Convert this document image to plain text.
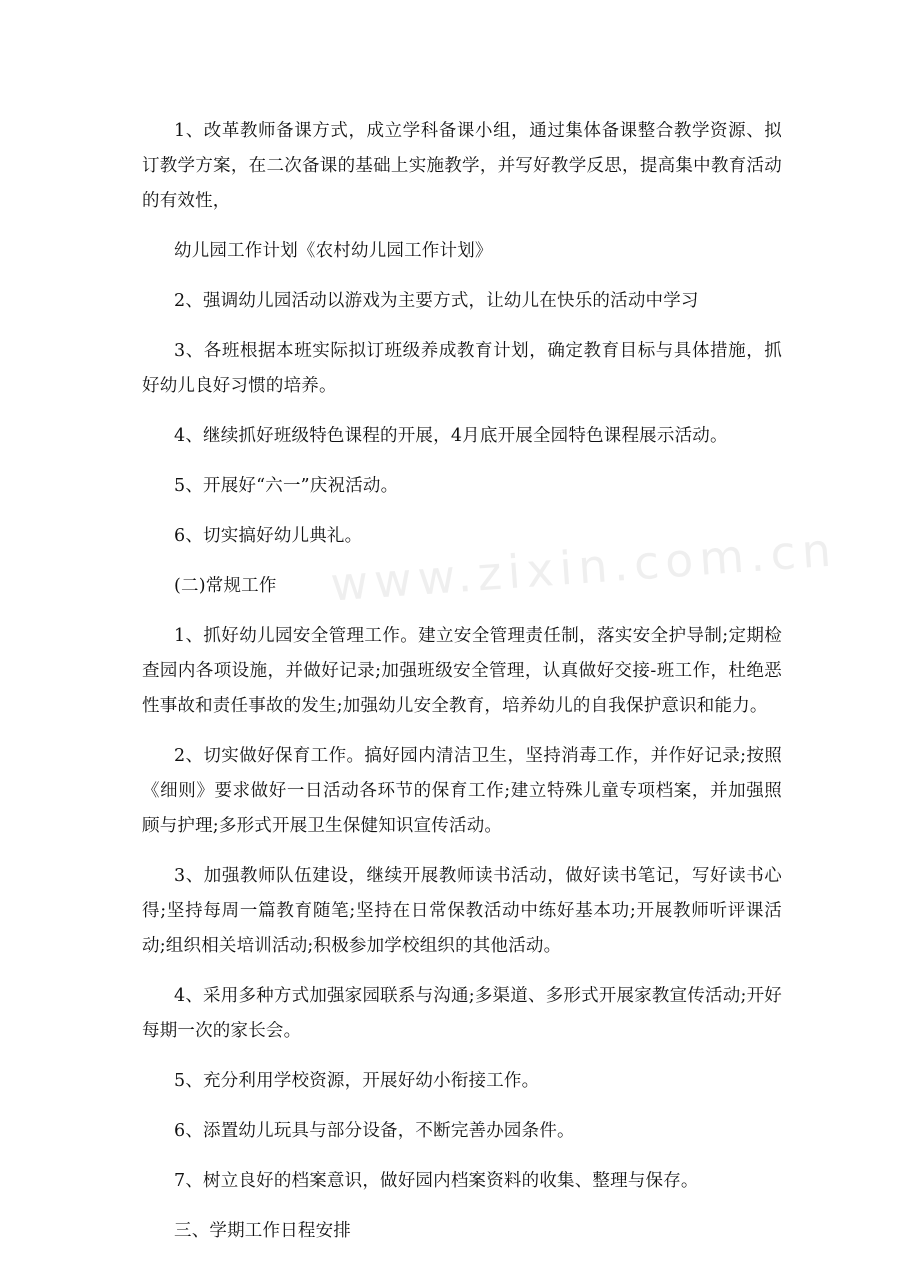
www.zixin.com.cn

1、改革教师备课方式，成立学科备课小组，通过集体备课整合教学资源、拟订教学方案，在二次备课的基础上实施教学，并写好教学反思，提高集中教育活动的有效性，

幼儿园工作计划《农村幼儿园工作计划》

2、强调幼儿园活动以游戏为主要方式，让幼儿在快乐的活动中学习

3、各班根据本班实际拟订班级养成教育计划，确定教育目标与具体措施，抓好幼儿良好习惯的培养。

4、继续抓好班级特色课程的开展，4月底开展全园特色课程展示活动。

5、开展好“六一”庆祝活动。

6、切实搞好幼儿典礼。

(二)常规工作

1、抓好幼儿园安全管理工作。建立安全管理责任制，落实安全护导制;定期检查园内各项设施，并做好记录;加强班级安全管理，认真做好交接-班工作，杜绝恶性事故和责任事故的发生;加强幼儿安全教育，培养幼儿的自我保护意识和能力。

2、切实做好保育工作。搞好园内清洁卫生，坚持消毒工作，并作好记录;按照《细则》要求做好一日活动各环节的保育工作;建立特殊儿童专项档案，并加强照顾与护理;多形式开展卫生保健知识宣传活动。

3、加强教师队伍建设，继续开展教师读书活动，做好读书笔记，写好读书心得;坚持每周一篇教育随笔;坚持在日常保教活动中练好基本功;开展教师听评课活动;组织相关培训活动;积极参加学校组织的其他活动。

4、采用多种方式加强家园联系与沟通;多渠道、多形式开展家教宣传活动;开好每期一次的家长会。

5、充分利用学校资源，开展好幼小衔接工作。

6、添置幼儿玩具与部分设备，不断完善办园条件。

7、树立良好的档案意识，做好园内档案资料的收集、整理与保存。

三、学期工作日程安排
